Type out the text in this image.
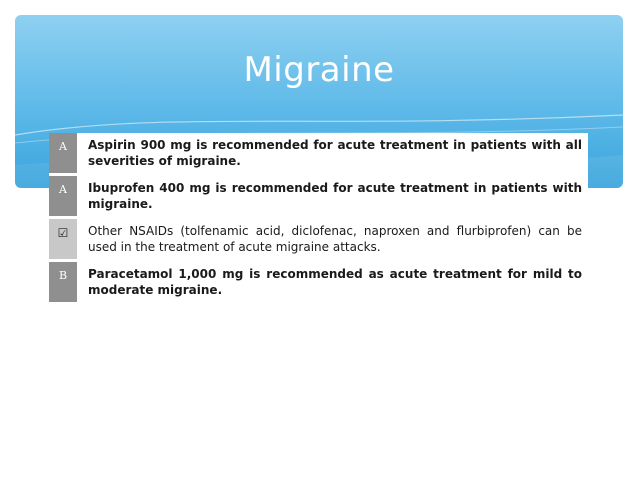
Migraine
A	Aspirin 900 mg is recommended for acute treatment in patients with all severities of migraine.
A	Ibuprofen 400 mg is recommended for acute treatment in patients with migraine.
☑	Other NSAIDs (tolfenamic acid, diclofenac, naproxen and flurbiprofen) can be used in the treatment of acute migraine attacks.
B	Paracetamol 1,000 mg is recommended as acute treatment for mild to moderate migraine.
